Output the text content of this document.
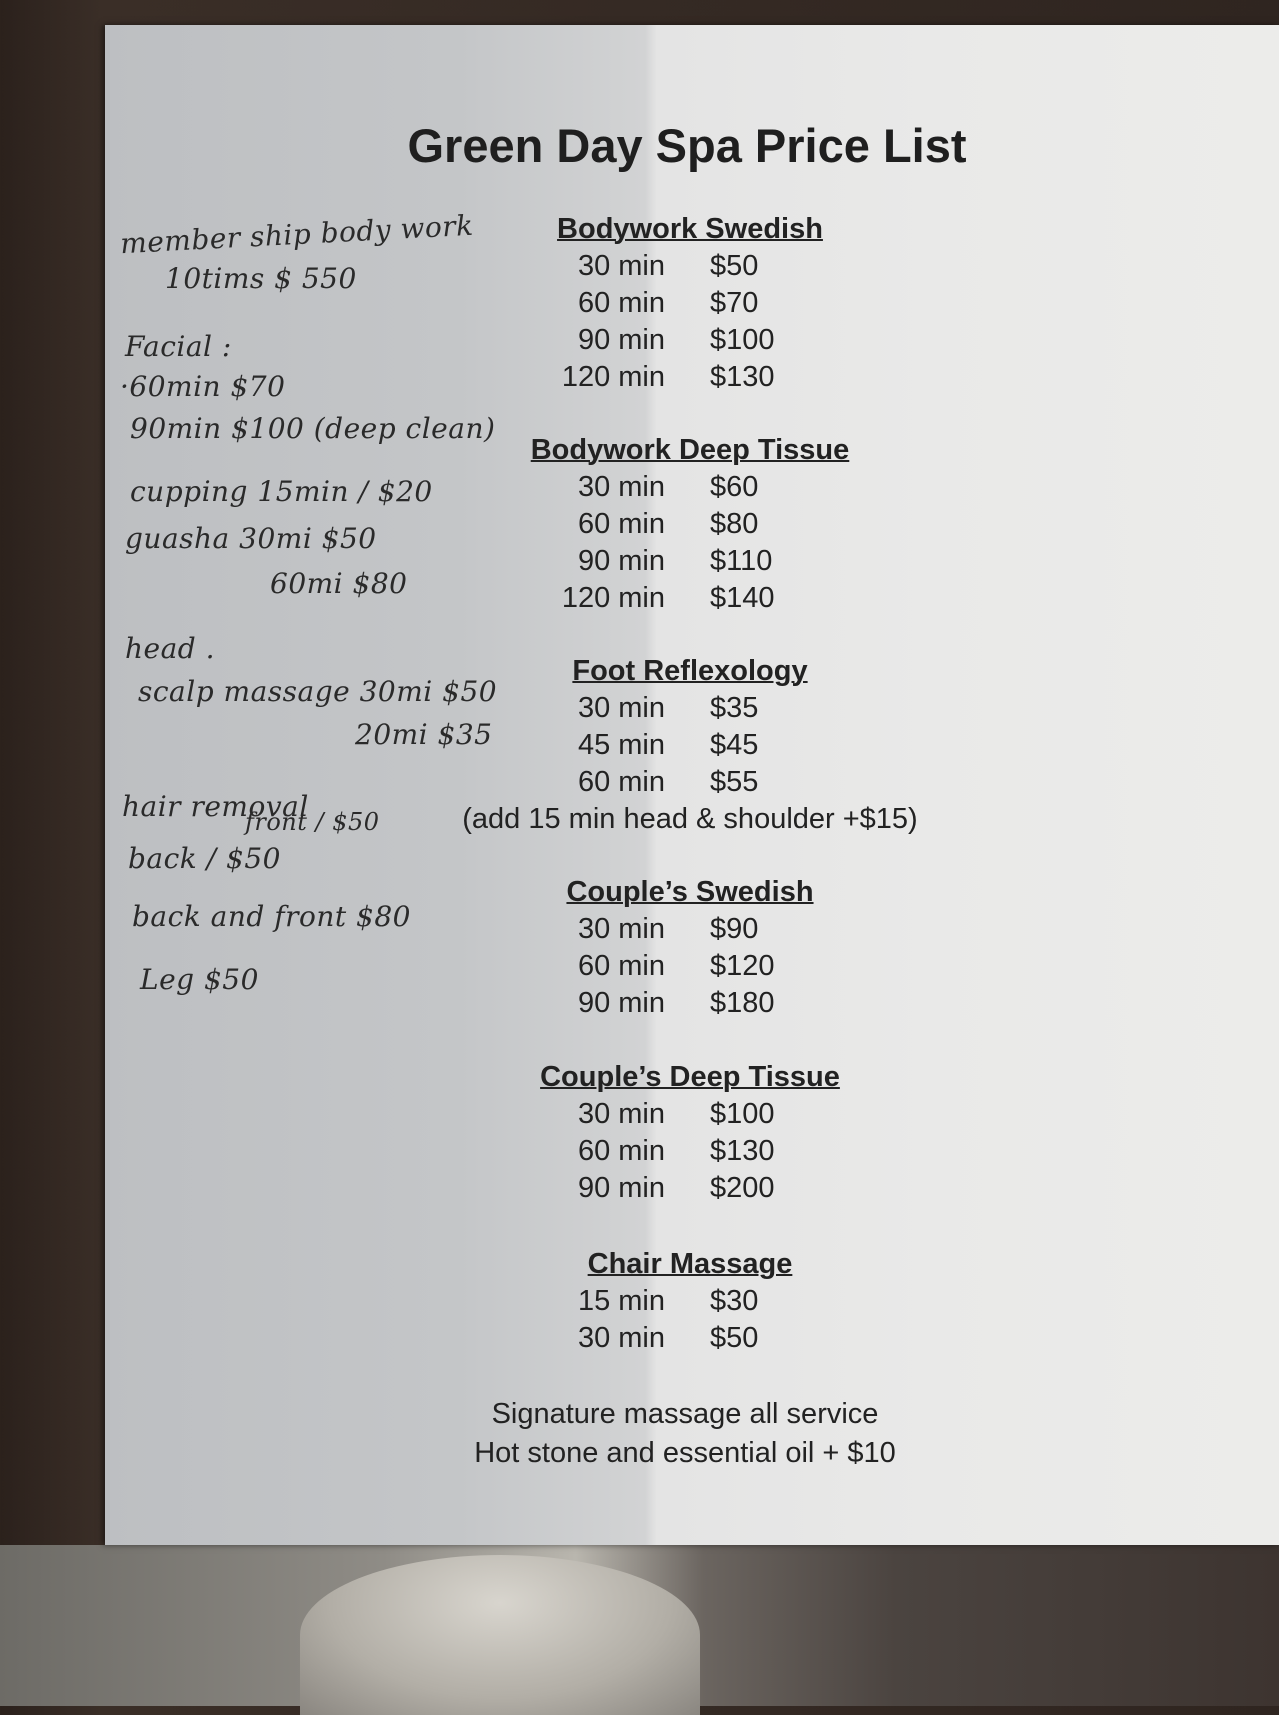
Green Day Spa Price List
Bodywork Swedish
30 min	$50
60 min	$70
90 min	$100
120 min	$130
Bodywork Deep Tissue
30 min	$60
60 min	$80
90 min	$110
120 min	$140
Foot Reflexology
30 min	$35
45 min	$45
60 min	$55
(add 15 min head & shoulder +$15)
Couple’s Swedish
30 min	$90
60 min	$120
90 min	$180
Couple’s Deep Tissue
30 min	$100
60 min	$130
90 min	$200
Chair Massage
15 min	$30
30 min	$50
Signature massage all service
Hot stone and essential oil + $10
member ship body work
10tims $ 550
Facial :
·60min $70
90min $100 (deep clean)
cupping 15min / $20
guasha 30mi $50
60mi $80
head .
scalp massage 30mi $50
20mi $35
hair removal
front / $50
back / $50
back and front $80
Leg $50
